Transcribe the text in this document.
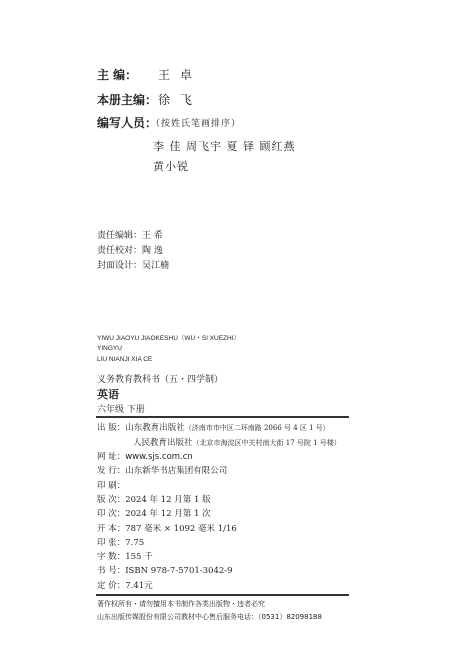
主 编： 王 卓
本册主编： 徐 飞
编写人员：
（按姓氏笔画排序）
李 佳 周飞宇 夏 铎 顾红燕
黄小锐
责任编辑：王 希
责任校对：陶 逸
封面设计：吴江楠
YIWU JIAOYU JIAOKESHU（WU・SI XUEZHI）
YINGYU
LIU NIANJI XIA CE
义务教育教科书（五・四学制）
英语
六年级 下册
出 版：山东教育出版社（济南市市中区二环南路 2066 号 4 区 1 号）
人民教育出版社（北京市海淀区中关村南大街 17 号院 1 号楼）
网 址：www.sjs.com.cn
发 行：山东新华书店集团有限公司
印 刷：
版 次：2024 年 12 月第 1 版
印 次：2024 年 12 月第 1 次
开 本：787 毫米 × 1092 毫米 1/16
印 张：7.75
字 数：155 千
书 号：ISBN 978-7-5701-3042-9
定 价：7.41元
著作权所有・请勿擅用本书制作各类出版物・违者必究
山东出版传媒股份有限公司教材中心售后服务电话：（0531）82098188
